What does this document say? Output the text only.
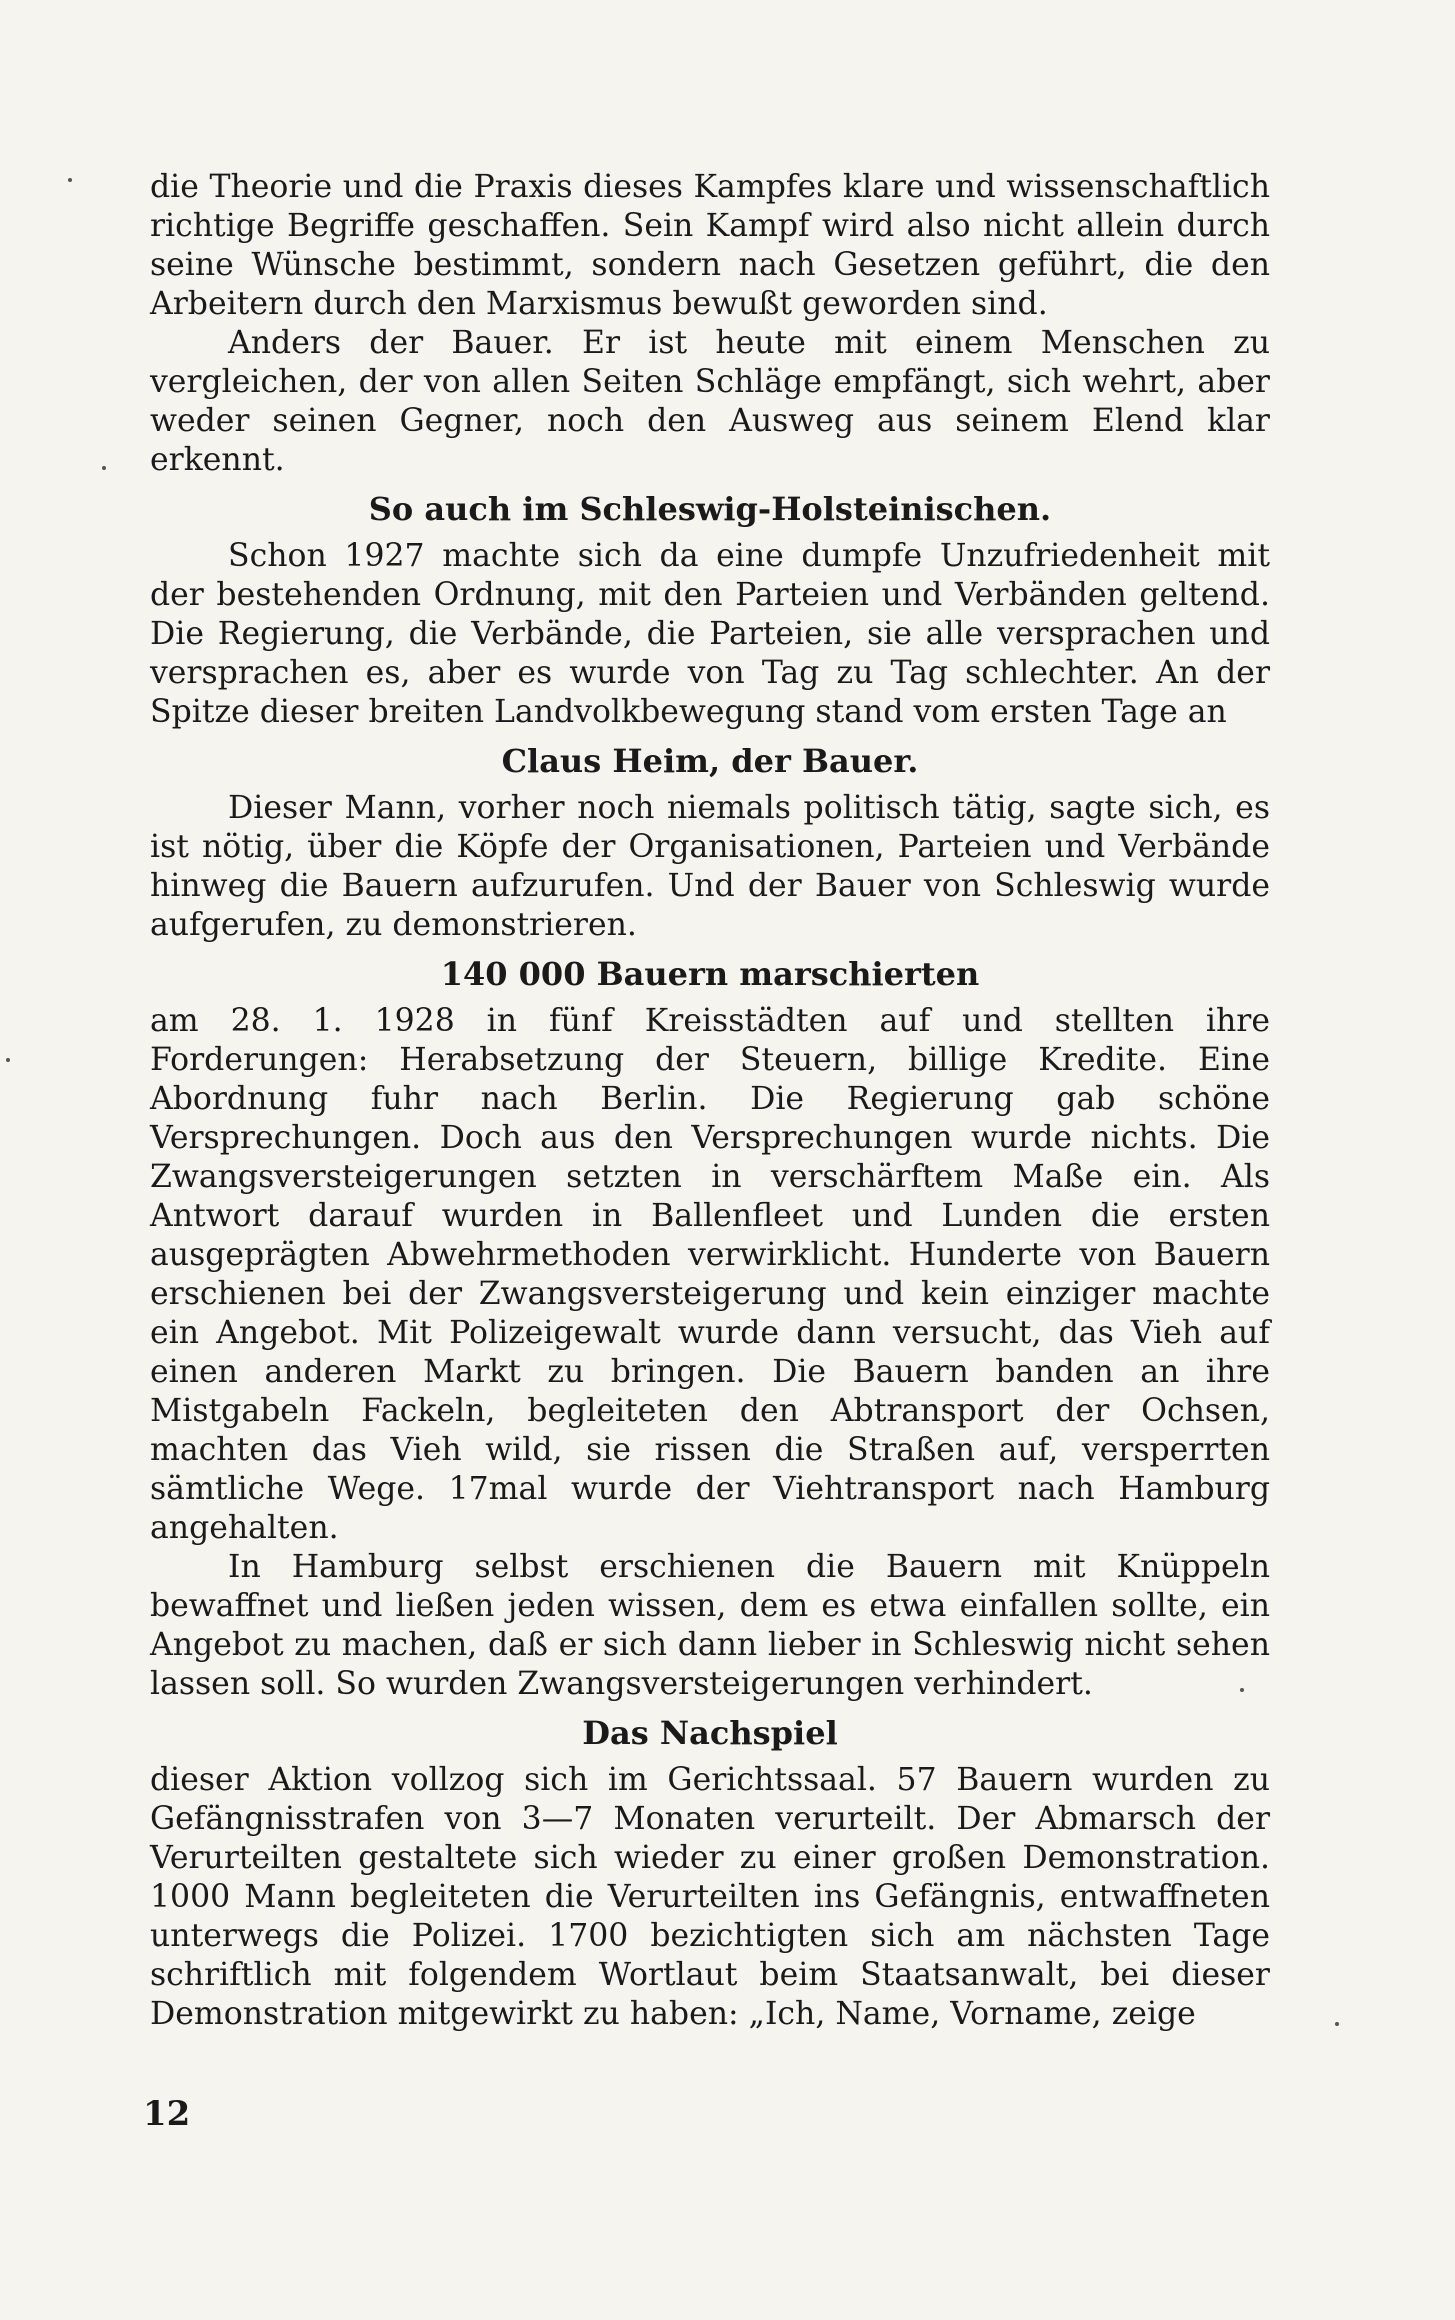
die Theorie und die Praxis dieses Kampfes klare und wissenschaftlich richtige Begriffe geschaffen. Sein Kampf wird also nicht allein durch seine Wünsche bestimmt, sondern nach Gesetzen geführt, die den Arbeitern durch den Marxismus bewußt geworden sind.

Anders der Bauer. Er ist heute mit einem Menschen zu vergleichen, der von allen Seiten Schläge empfängt, sich wehrt, aber weder seinen Gegner, noch den Ausweg aus seinem Elend klar erkennt.

So auch im Schleswig-Holsteinischen.

Schon 1927 machte sich da eine dumpfe Unzufriedenheit mit der bestehenden Ordnung, mit den Parteien und Verbänden geltend. Die Regierung, die Verbände, die Parteien, sie alle versprachen und versprachen es, aber es wurde von Tag zu Tag schlechter. An der Spitze dieser breiten Landvolkbewegung stand vom ersten Tage an

Claus Heim, der Bauer.

Dieser Mann, vorher noch niemals politisch tätig, sagte sich, es ist nötig, über die Köpfe der Organisationen, Parteien und Verbände hinweg die Bauern aufzurufen. Und der Bauer von Schleswig wurde aufgerufen, zu demonstrieren.

140 000 Bauern marschierten

am 28. 1. 1928 in fünf Kreisstädten auf und stellten ihre Forderungen: Herabsetzung der Steuern, billige Kredite. Eine Abordnung fuhr nach Berlin. Die Regierung gab schöne Versprechungen. Doch aus den Versprechungen wurde nichts. Die Zwangsversteigerungen setzten in verschärftem Maße ein. Als Antwort darauf wurden in Ballenfleet und Lunden die ersten ausgeprägten Abwehrmethoden verwirklicht. Hunderte von Bauern erschienen bei der Zwangsversteigerung und kein einziger machte ein Angebot. Mit Polizeigewalt wurde dann versucht, das Vieh auf einen anderen Markt zu bringen. Die Bauern banden an ihre Mistgabeln Fackeln, begleiteten den Abtransport der Ochsen, machten das Vieh wild, sie rissen die Straßen auf, versperrten sämtliche Wege. 17mal wurde der Viehtransport nach Hamburg angehalten.

In Hamburg selbst erschienen die Bauern mit Knüppeln bewaffnet und ließen jeden wissen, dem es etwa einfallen sollte, ein Angebot zu machen, daß er sich dann lieber in Schleswig nicht sehen lassen soll. So wurden Zwangsversteigerungen verhindert.

Das Nachspiel

dieser Aktion vollzog sich im Gerichtssaal. 57 Bauern wurden zu Gefängnisstrafen von 3—7 Monaten verurteilt. Der Abmarsch der Verurteilten gestaltete sich wieder zu einer großen Demonstration. 1000 Mann begleiteten die Verurteilten ins Gefängnis, entwaffneten unterwegs die Polizei. 1700 bezichtigten sich am nächsten Tage schriftlich mit folgendem Wortlaut beim Staatsanwalt, bei dieser Demonstration mitgewirkt zu haben: „Ich, Name, Vorname, zeige

12
